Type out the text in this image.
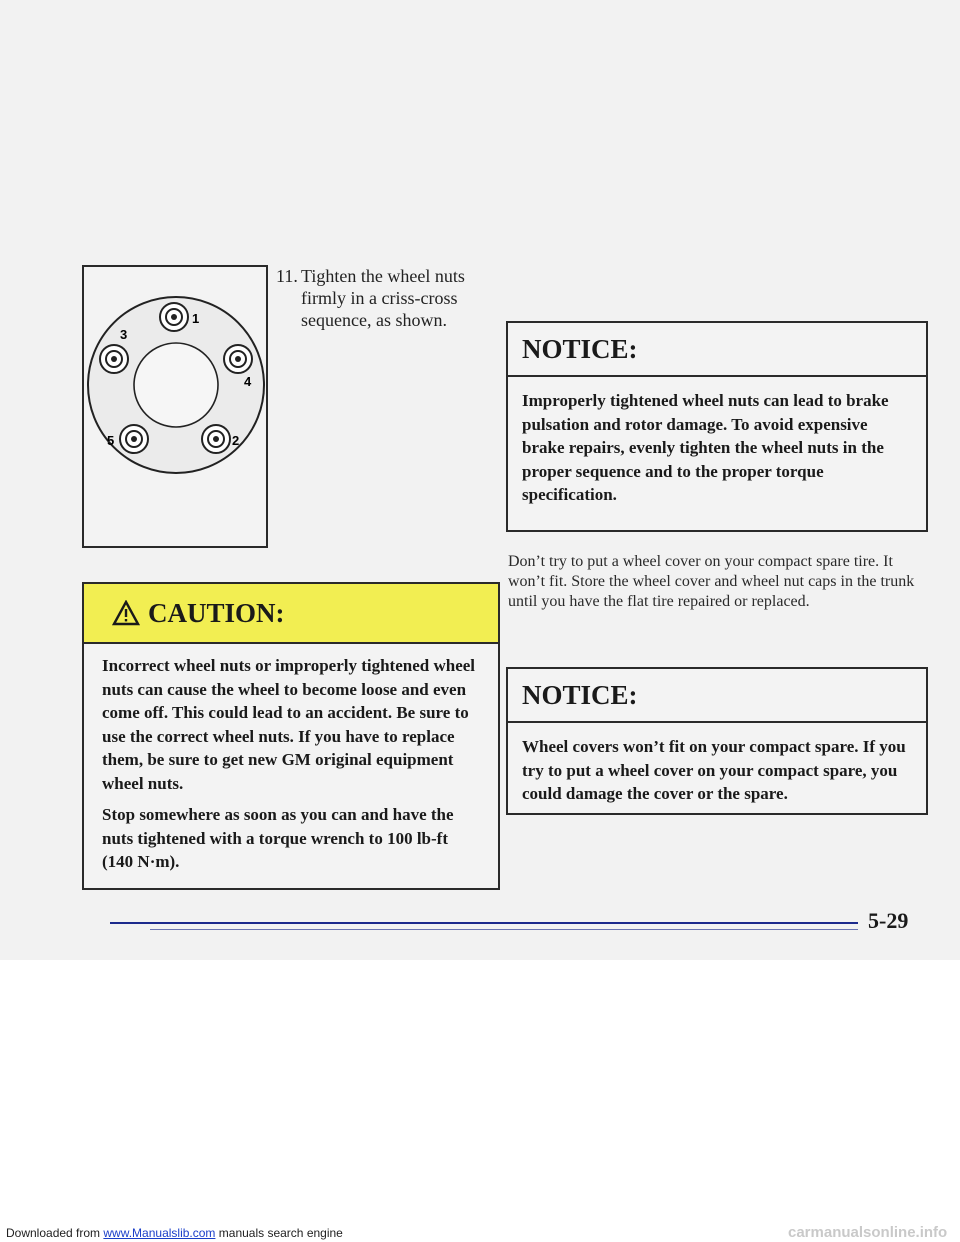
1
2
3
4
5
11. Tighten the wheel nuts firmly in a criss-cross sequence, as shown.
CAUTION:

Incorrect wheel nuts or improperly tightened wheel nuts can cause the wheel to become loose and even come off. This could lead to an accident. Be sure to use the correct wheel nuts. If you have to replace them, be sure to get new GM original equipment wheel nuts.

Stop somewhere as soon as you can and have the nuts tightened with a torque wrench to 100 lb-ft (140 N·m).

NOTICE:
Improperly tightened wheel nuts can lead to brake pulsation and rotor damage. To avoid expensive brake repairs, evenly tighten the wheel nuts in the proper sequence and to the proper torque specification.
Don’t try to put a wheel cover on your compact spare tire. It won’t fit. Store the wheel cover and wheel nut caps in the trunk until you have the flat tire repaired or replaced.
NOTICE:
Wheel covers won’t fit on your compact spare. If you try to put a wheel cover on your compact spare, you could damage the cover or the spare.
5-29
Downloaded from www.Manualslib.com manuals search engine	carmanualsonline.info
